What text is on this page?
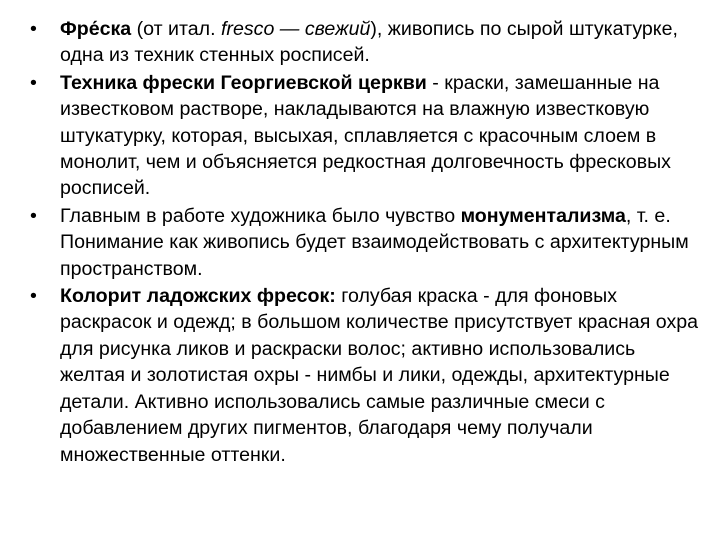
•	Фре́ска (от итал. fresco — свежий), живопись по сырой штукатурке, одна из техник стенных росписей.
•	Техника фрески Георгиевской церкви - краски, замешанные на известковом растворе, накладываются на влажную известковую штукатурку, которая, высыхая, сплавляется с красочным слоем в монолит, чем и объясняется редкостная долговечность фресковых росписей.
•	Главным в работе художника было чувство монументализма, т. е. Понимание как живопись будет взаимодействовать с архитектурным пространством.
•	Колорит ладожских фресок: голубая краска - для фоновых раскрасок и одежд; в большом количестве присутствует красная охра для рисунка ликов и раскраски волос; активно использовались желтая и золотистая охры - нимбы и лики, одежды, архитектурные детали. Активно использовались самые различные смеси с добавлением других пигментов, благодаря чему получали множественные оттенки.
